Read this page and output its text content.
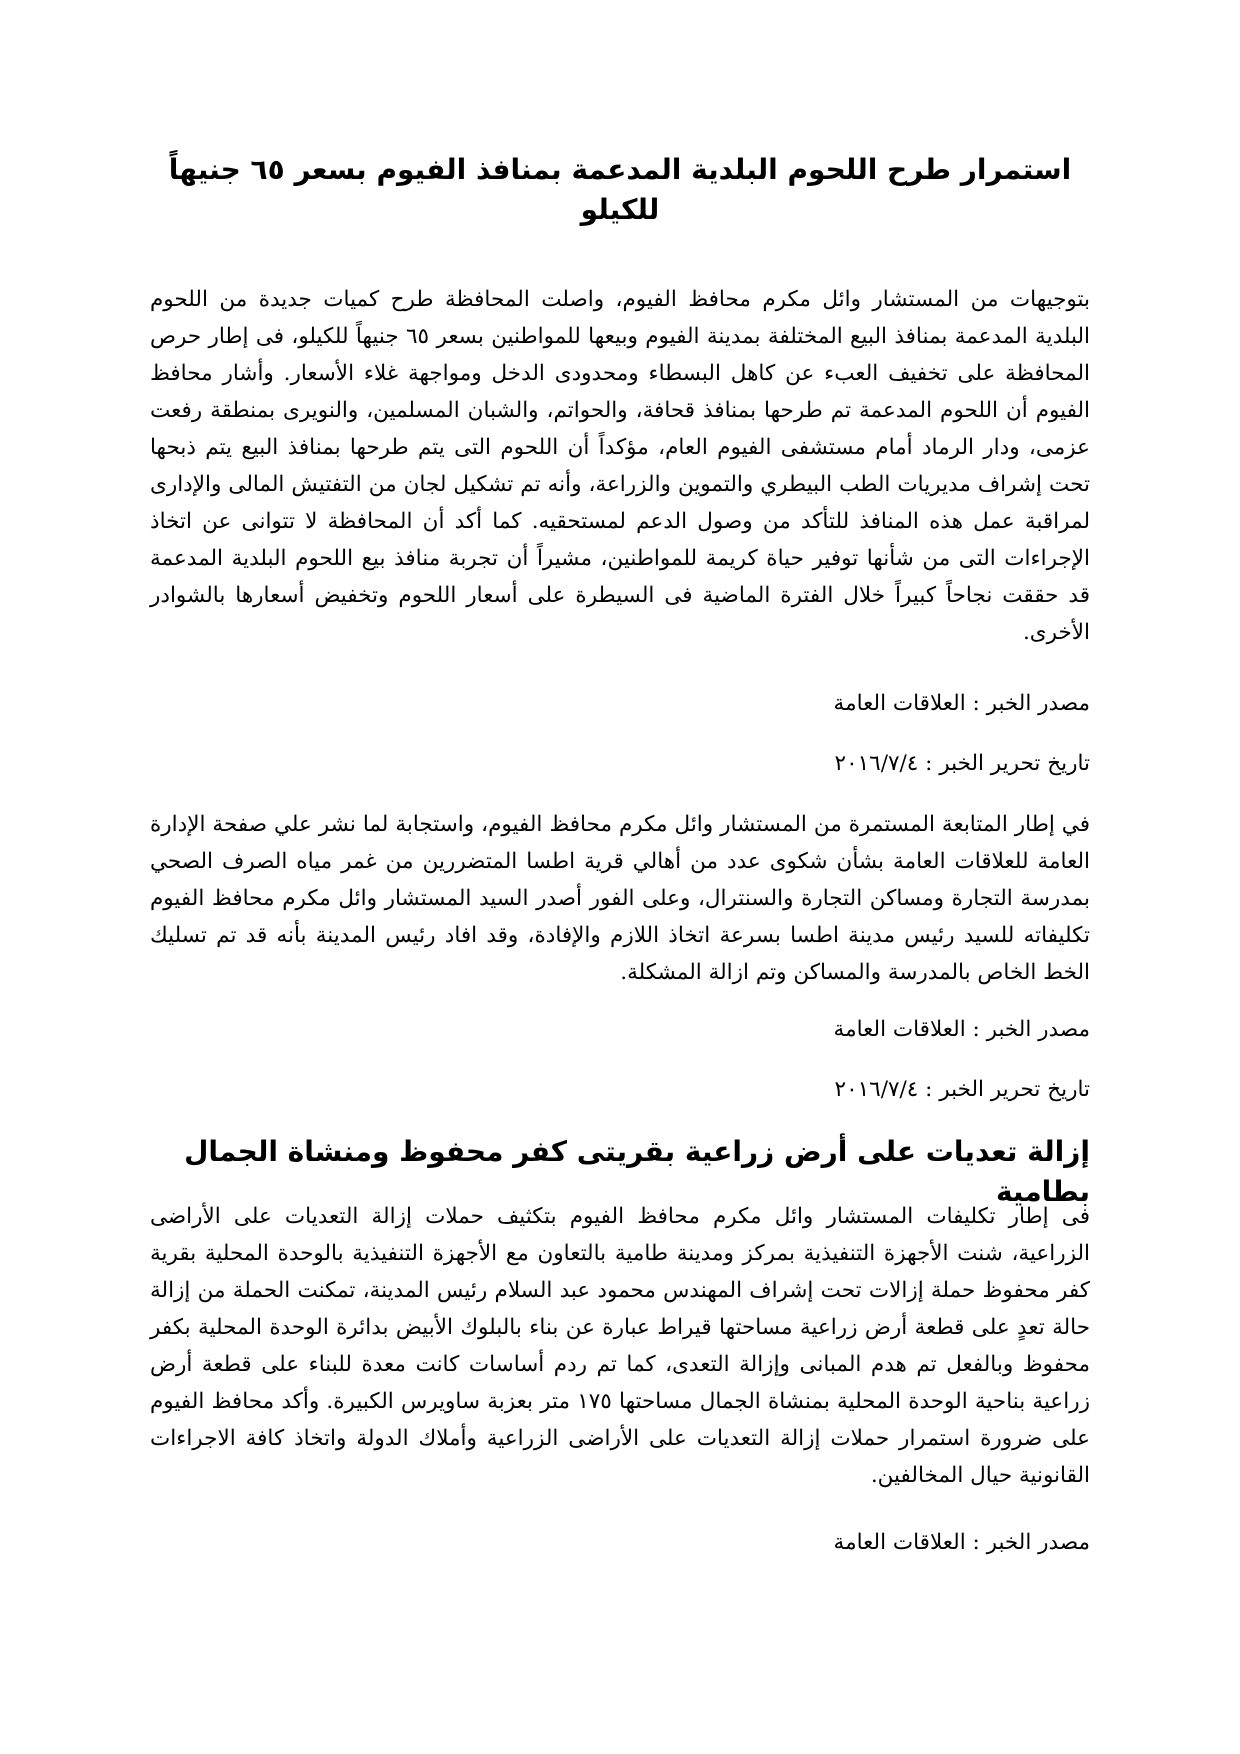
استمرار طرح اللحوم البلدية المدعمة بمنافذ الفيوم بسعر ٦٥ جنيهاً للكيلو

بتوجيهات من المستشار وائل مكرم محافظ الفيوم، واصلت المحافظة طرح كميات جديدة من اللحوم البلدية المدعمة بمنافذ البيع المختلفة بمدينة الفيوم وبيعها للمواطنين بسعر ٦٥ جنيهاً للكيلو، فى إطار حرص المحافظة على تخفيف العبء عن كاهل البسطاء ومحدودى الدخل ومواجهة غلاء الأسعار. وأشار محافظ الفيوم أن اللحوم المدعمة تم طرحها بمنافذ قحافة، والحواتم، والشبان المسلمين، والنويرى بمنطقة رفعت عزمى، ودار الرماد أمام مستشفى الفيوم العام، مؤكداً أن اللحوم التى يتم طرحها بمنافذ البيع يتم ذبحها تحت إشراف مديريات الطب البيطري والتموين والزراعة، وأنه تم تشكيل لجان من التفتيش المالى والإدارى لمراقبة عمل هذه المنافذ للتأكد من وصول الدعم لمستحقيه. كما أكد أن المحافظة لا تتوانى عن اتخاذ الإجراءات التى من شأنها توفير حياة كريمة للمواطنين، مشيراً أن تجربة منافذ بيع اللحوم البلدية المدعمة قد حققت نجاحاً كبيراً خلال الفترة الماضية فى السيطرة على أسعار اللحوم وتخفيض أسعارها بالشوادر الأخرى.

مصدر الخبر : العلاقات العامة

تاريخ تحرير الخبر : ٢٠١٦/٧/٤

في إطار المتابعة المستمرة من المستشار وائل مكرم محافظ الفيوم، واستجابة لما نشر علي صفحة الإدارة العامة للعلاقات العامة بشأن شكوى عدد من أهالي قرية اطسا المتضررين من غمر مياه الصرف الصحي بمدرسة التجارة ومساكن التجارة والسنترال، وعلى الفور أصدر السيد المستشار وائل مكرم محافظ الفيوم تكليفاته للسيد رئيس مدينة اطسا بسرعة اتخاذ اللازم والإفادة، وقد افاد رئيس المدينة بأنه قد تم تسليك الخط الخاص بالمدرسة والمساكن وتم ازالة المشكلة.

مصدر الخبر : العلاقات العامة

تاريخ تحرير الخبر : ٢٠١٦/٧/٤

إزالة تعديات على أرض زراعية بقريتى كفر محفوظ ومنشاة الجمال بطامية

فى إطار تكليفات المستشار وائل مكرم محافظ الفيوم بتكثيف حملات إزالة التعديات على الأراضى الزراعية، شنت الأجهزة التنفيذية بمركز ومدينة طامية بالتعاون مع الأجهزة التنفيذية بالوحدة المحلية بقرية كفر محفوظ حملة إزالات تحت إشراف المهندس محمود عبد السلام رئيس المدينة، تمكنت الحملة من إزالة حالة تعدٍ على قطعة أرض زراعية مساحتها قيراط عبارة عن بناء بالبلوك الأبيض بدائرة الوحدة المحلية بكفر محفوظ وبالفعل تم هدم المبانى وإزالة التعدى، كما تم ردم أساسات كانت معدة للبناء على قطعة أرض زراعية بناحية الوحدة المحلية بمنشاة الجمال مساحتها ١٧٥ متر بعزبة ساويرس الكبيرة. وأكد محافظ الفيوم على ضرورة استمرار حملات إزالة التعديات على الأراضى الزراعية وأملاك الدولة واتخاذ كافة الاجراءات القانونية حيال المخالفين.

مصدر الخبر : العلاقات العامة
